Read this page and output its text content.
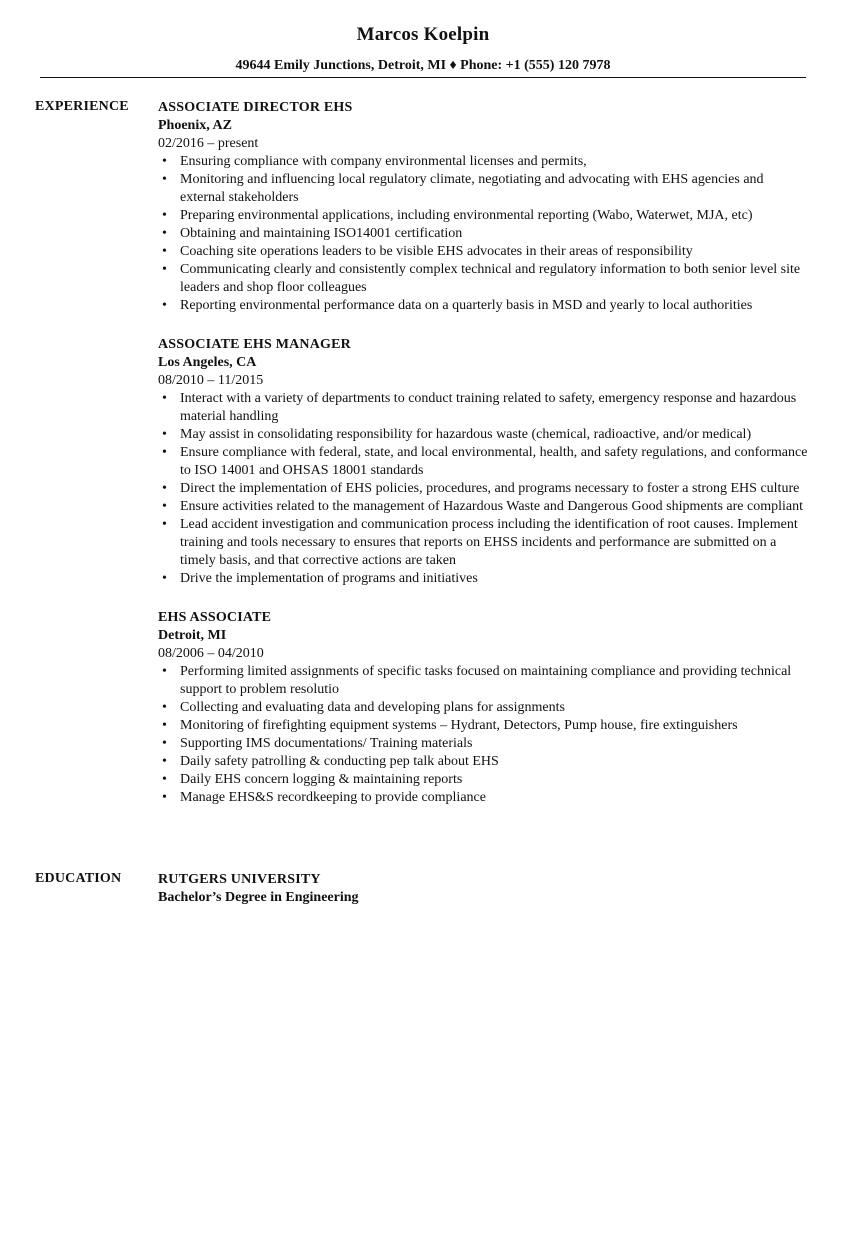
Marcos Koelpin
49644 Emily Junctions, Detroit, MI ♦ Phone: +1 (555) 120 7978
EXPERIENCE ASSOCIATE DIRECTOR EHS
Phoenix, AZ
02/2016 – present
• Ensuring compliance with company environmental licenses and permits,
• Monitoring and influencing local regulatory climate, negotiating and advocating with EHS agencies and external stakeholders
• Preparing environmental applications, including environmental reporting (Wabo, Waterwet, MJA, etc)
• Obtaining and maintaining ISO14001 certification
• Coaching site operations leaders to be visible EHS advocates in their areas of responsibility
• Communicating clearly and consistently complex technical and regulatory information to both senior level site leaders and shop floor colleagues
• Reporting environmental performance data on a quarterly basis in MSD and yearly to local authorities
ASSOCIATE EHS MANAGER
Los Angeles, CA
08/2010 – 11/2015
• Interact with a variety of departments to conduct training related to safety, emergency response and hazardous material handling
• May assist in consolidating responsibility for hazardous waste (chemical, radioactive, and/or medical)
• Ensure compliance with federal, state, and local environmental, health, and safety regulations, and conformance to ISO 14001 and OHSAS 18001 standards
• Direct the implementation of EHS policies, procedures, and programs necessary to foster a strong EHS culture
• Ensure activities related to the management of Hazardous Waste and Dangerous Good shipments are compliant
• Lead accident investigation and communication process including the identification of root causes. Implement training and tools necessary to ensures that reports on EHSS incidents and performance are submitted on a timely basis, and that corrective actions are taken
• Drive the implementation of programs and initiatives
EHS ASSOCIATE
Detroit, MI
08/2006 – 04/2010
• Performing limited assignments of specific tasks focused on maintaining compliance and providing technical support to problem resolutio
• Collecting and evaluating data and developing plans for assignments
• Monitoring of firefighting equipment systems – Hydrant, Detectors, Pump house, fire extinguishers
• Supporting IMS documentations/ Training materials
• Daily safety patrolling & conducting pep talk about EHS
• Daily EHS concern logging & maintaining reports
• Manage EHS&S recordkeeping to provide compliance
EDUCATION	RUTGERS UNIVERSITY
Bachelor’s Degree in Engineering
